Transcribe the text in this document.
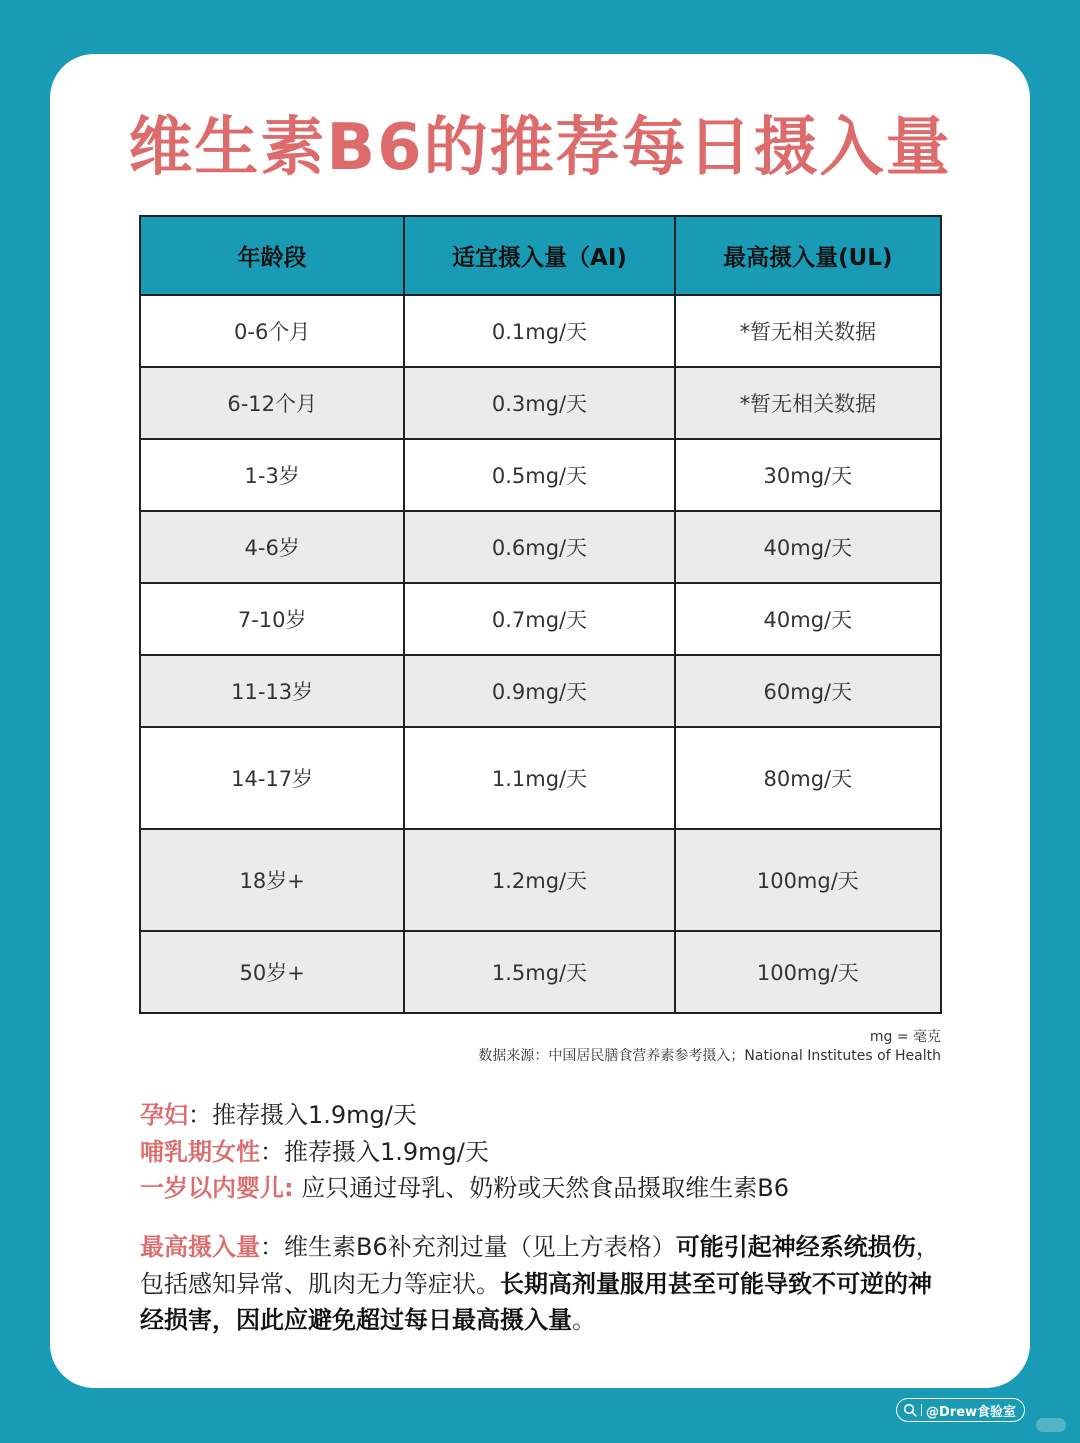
维生素B6的推荐每日摄入量
年龄段	适宜摄入量（AI)	最高摄入量(UL)
0-6个月	0.1mg/天	*暂无相关数据
6-12个月	0.3mg/天	*暂无相关数据
1-3岁	0.5mg/天	30mg/天
4-6岁	0.6mg/天	40mg/天
7-10岁	0.7mg/天	40mg/天
11-13岁	0.9mg/天	60mg/天
14-17岁	1.1mg/天	80mg/天
18岁+	1.2mg/天	100mg/天
50岁+	1.5mg/天	100mg/天
mg = 毫克
数据来源：中国居民膳食营养素参考摄入；National Institutes of Health
孕妇：推荐摄入1.9mg/天
哺乳期女性：推荐摄入1.9mg/天
一岁以内婴儿: 应只通过母乳、奶粉或天然食品摄取维生素B6
最高摄入量：维生素B6补充剂过量（见上方表格）可能引起神经系统损伤，包括感知异常、肌肉无力等症状。长期高剂量服用甚至可能导致不可逆的神经损害，因此应避免超过每日最高摄入量。
@Drew食验室
